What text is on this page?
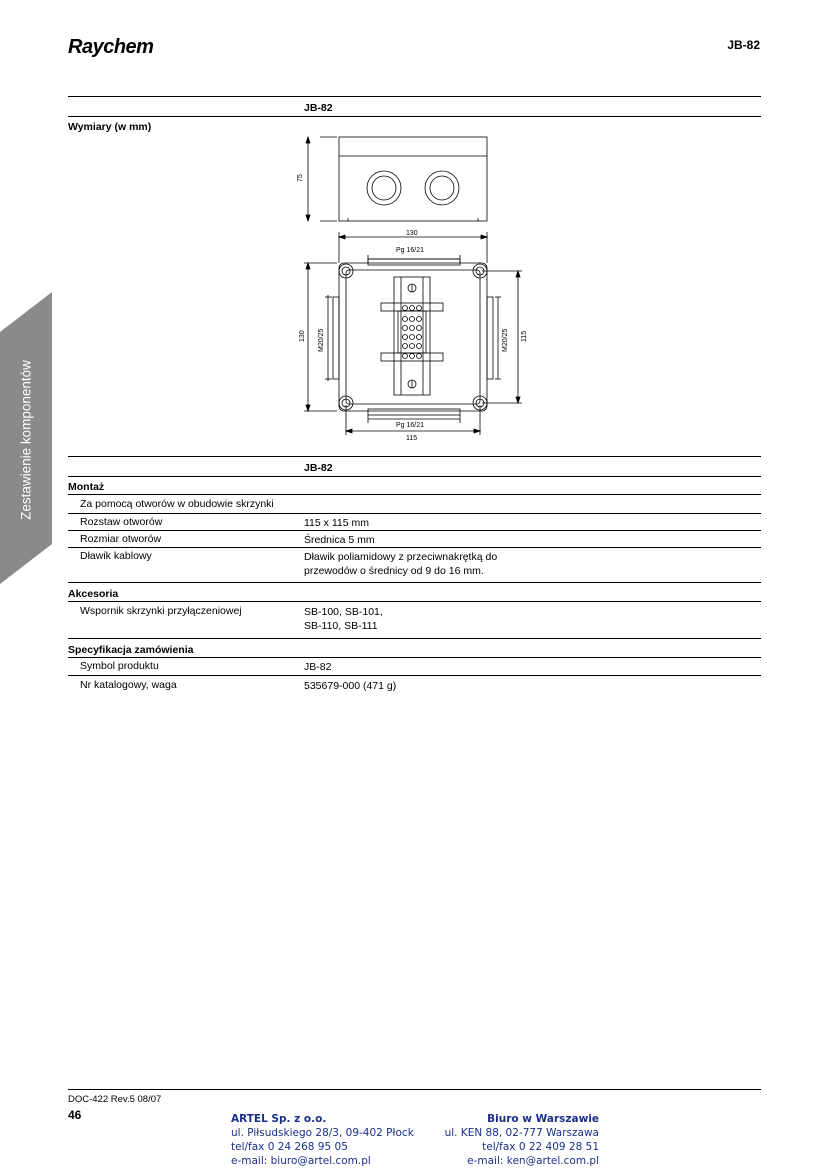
Raychem	JB-82
Zestawienie komponentów
JB-82
Wymiary (w mm)
75
130
Pg 16/21
130 M20/25	M20/25 115
Pg 16/21
115
JB-82
Montaż
Za pomocą otworów w obudowie skrzynki
Rozstaw otworów	115 x 115 mm
Rozmiar otworów	Średnica 5 mm
Dławik kablowy	Dławik poliamidowy z przeciwnakrętką do
przewodów o średnicy od 9 do 16 mm.
Akcesoria
Wspornik skrzynki przyłączeniowej	SB-100, SB-101,
SB-110, SB-111
Specyfikacja zamówienia
Symbol produktu	JB-82
Nr katalogowy, waga	535679-000 (471 g)
DOC-422 Rev.5 08/07
46	ARTEL Sp. z o.o.
ul. Piłsudskiego 28/3, 09-402 Płock
tel/fax 0 24 268 95 05
e-mail: biuro@artel.com.pl
Biuro w Warszawie
ul. KEN 88, 02-777 Warszawa
tel/fax 0 22 409 28 51
e-mail: ken@artel.com.pl
